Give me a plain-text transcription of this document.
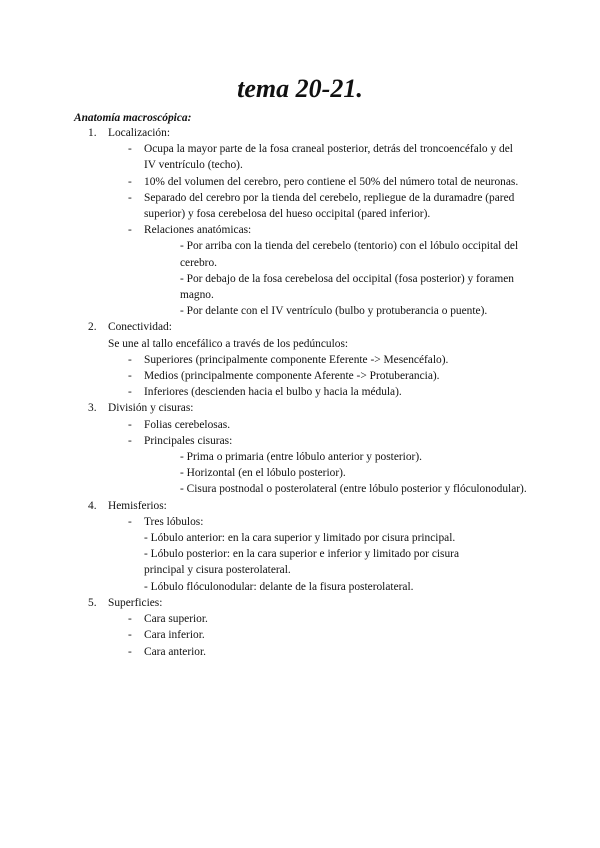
tema 20-21.
Anatomía macroscópica:
1. Localización:
- Ocupa la mayor parte de la fosa craneal posterior, detrás del troncoencéfalo y del IV ventrículo (techo).
- 10% del volumen del cerebro, pero contiene el 50% del número total de neuronas.
- Separado del cerebro por la tienda del cerebelo, repliegue de la duramadre (pared superior) y fosa cerebelosa del hueso occipital (pared inferior).
- Relaciones anatómicas:
- Por arriba con la tienda del cerebelo (tentorio) con el lóbulo occipital del cerebro.
- Por debajo de la fosa cerebelosa del occipital (fosa posterior) y foramen magno.
- Por delante con el IV ventrículo (bulbo y protuberancia o puente).
2. Conectividad:
Se une al tallo encefálico a través de los pedúnculos:
- Superiores (principalmente componente Eferente -> Mesencéfalo).
- Medios (principalmente componente Aferente -> Protuberancia).
- Inferiores (descienden hacia el bulbo y hacia la médula).
3. División y cisuras:
- Folias cerebelosas.
- Principales cisuras:
- Prima o primaria (entre lóbulo anterior y posterior).
- Horizontal (en el lóbulo posterior).
- Cisura postnodal o posterolateral (entre lóbulo posterior y flóculonodular).
4. Hemisferios:
- Tres lóbulos:
- Lóbulo anterior: en la cara superior y limitado por cisura principal.
- Lóbulo posterior: en la cara superior e inferior y limitado por cisura principal y cisura posterolateral.
- Lóbulo flóculonodular: delante de la fisura posterolateral.
5. Superficies:
- Cara superior.
- Cara inferior.
- Cara anterior.
